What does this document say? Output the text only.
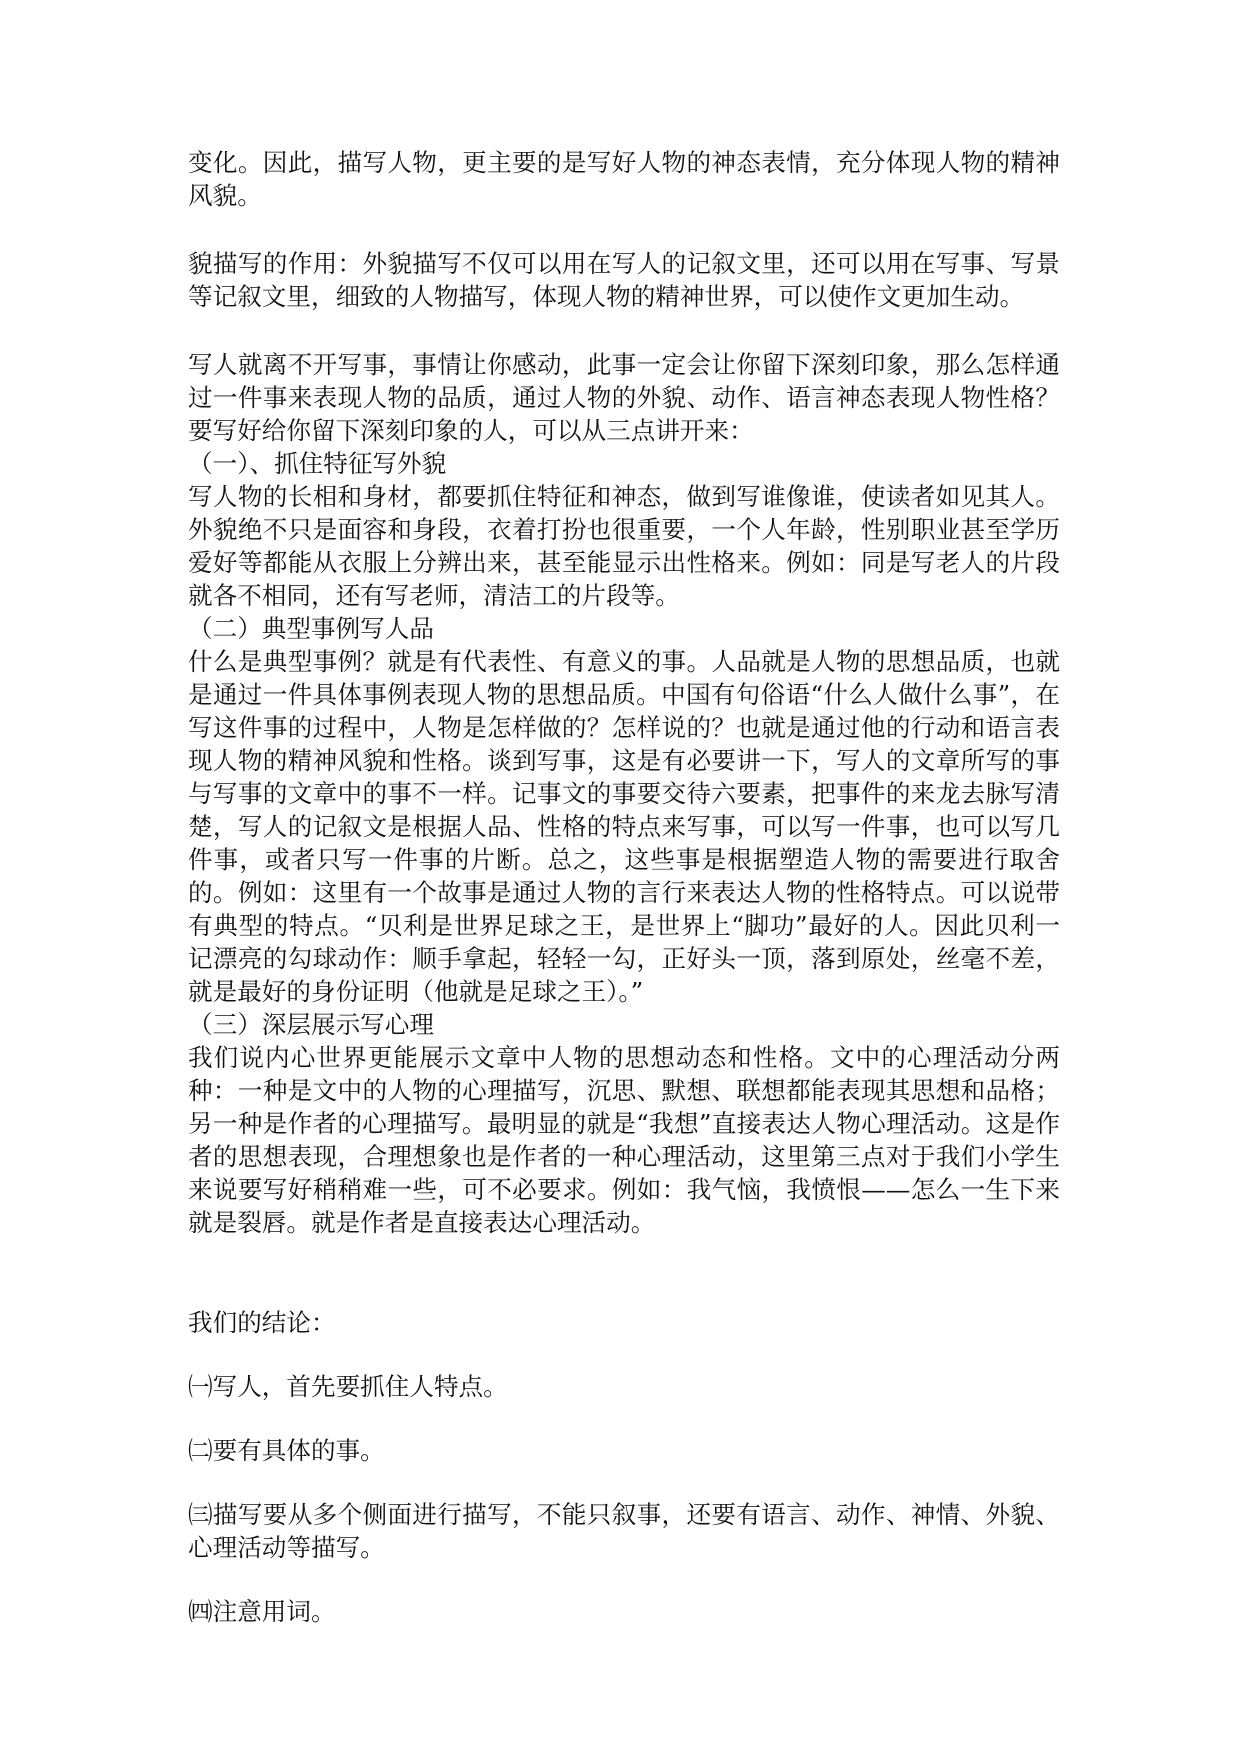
变化。因此，描写人物，更主要的是写好人物的神态表情，充分体现人物的精神风貌。

貌描写的作用：外貌描写不仅可以用在写人的记叙文里，还可以用在写事、写景等记叙文里，细致的人物描写，体现人物的精神世界，可以使作文更加生动。

写人就离不开写事，事情让你感动，此事一定会让你留下深刻印象，那么怎样通过一件事来表现人物的品质，通过人物的外貌、动作、语言神态表现人物性格？要写好给你留下深刻印象的人，可以从三点讲开来：

（一）、抓住特征写外貌

写人物的长相和身材，都要抓住特征和神态，做到写谁像谁，使读者如见其人。外貌绝不只是面容和身段，衣着打扮也很重要，一个人年龄，性别职业甚至学历爱好等都能从衣服上分辨出来，甚至能显示出性格来。例如：同是写老人的片段就各不相同，还有写老师，清洁工的片段等。

（二）典型事例写人品

什么是典型事例？就是有代表性、有意义的事。人品就是人物的思想品质，也就是通过一件具体事例表现人物的思想品质。中国有句俗语“什么人做什么事”，在写这件事的过程中，人物是怎样做的？怎样说的？也就是通过他的行动和语言表现人物的精神风貌和性格。谈到写事，这是有必要讲一下，写人的文章所写的事与写事的文章中的事不一样。记事文的事要交待六要素，把事件的来龙去脉写清楚，写人的记叙文是根据人品、性格的特点来写事，可以写一件事，也可以写几件事，或者只写一件事的片断。总之，这些事是根据塑造人物的需要进行取舍的。例如：这里有一个故事是通过人物的言行来表达人物的性格特点。可以说带有典型的特点。“贝利是世界足球之王，是世界上“脚功”最好的人。因此贝利一记漂亮的勾球动作：顺手拿起，轻轻一勾，正好头一顶，落到原处，丝毫不差，就是最好的身份证明（他就是足球之王）。”

（三）深层展示写心理

我们说内心世界更能展示文章中人物的思想动态和性格。文中的心理活动分两种：一种是文中的人物的心理描写，沉思、默想、联想都能表现其思想和品格；另一种是作者的心理描写。最明显的就是“我想”直接表达人物心理活动。这是作者的思想表现，合理想象也是作者的一种心理活动，这里第三点对于我们小学生来说要写好稍稍难一些，可不必要求。例如：我气恼，我愤恨——怎么一生下来就是裂唇。就是作者是直接表达心理活动。

我们的结论：

㈠写人，首先要抓住人特点。

㈡要有具体的事。

㈢描写要从多个侧面进行描写，不能只叙事，还要有语言、动作、神情、外貌、心理活动等描写。

㈣注意用词。
